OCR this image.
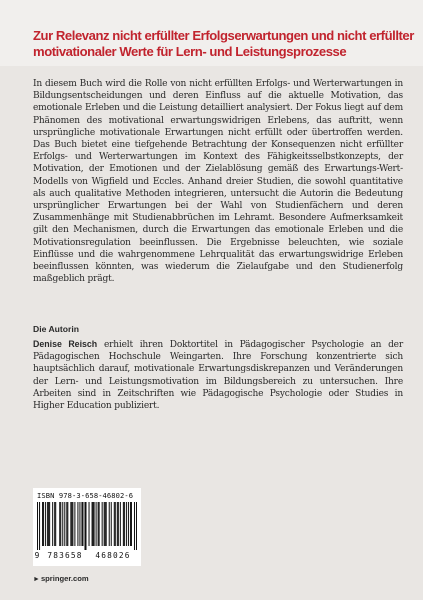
Zur Relevanz nicht erfüllter Erfolgserwartungen und nicht erfüllter motivationaler Werte für Lern- und Leistungsprozesse

In diesem Buch wird die Rolle von nicht erfüllten Erfolgs- und Werterwartungen in Bildungsentscheidungen und deren Einfluss auf die aktuelle Motivation, das emotionale Erleben und die Leistung detailliert analysiert. Der Fokus liegt auf dem Phänomen des motivational erwartungswidrigen Erlebens, das auftritt, wenn ursprüngliche motivationale Erwartungen nicht erfüllt oder übertroffen werden. Das Buch bietet eine tiefgehende Betrachtung der Konsequenzen nicht erfüllter Erfolgs- und Werterwartungen im Kontext des Fähigkeitsselbstkonzepts, der Motivation, der Emotionen und der Zielablösung gemäß des Erwartungs-Wert-Modells von Wigfield und Eccles. Anhand dreier Studien, die sowohl quantitative als auch qualitative Methoden integrieren, untersucht die Autorin die Bedeutung ursprünglicher Erwartungen bei der Wahl von Studienfächern und deren Zusammenhänge mit Studienabbrüchen im Lehramt. Besondere Aufmerksamkeit gilt den Mechanismen, durch die Erwartungen das emotionale Erleben und die Motivationsregulation beeinflussen. Die Ergebnisse beleuchten, wie soziale Einflüsse und die wahrgenommene Lehrqualität das erwartungswidrige Erleben beeinflussen könnten, was wiederum die Zielaufgabe und den Studienerfolg maßgeblich prägt.

Die Autorin
Denise Reisch erhielt ihren Doktortitel in Pädagogischer Psychologie an der Pädagogischen Hochschule Weingarten. Ihre Forschung konzentrierte sich hauptsächlich darauf, motivationale Erwartungsdiskrepanzen und Veränderungen der Lern- und Leistungsmotivation im Bildungsbereich zu untersuchen. Ihre Arbeiten sind in Zeitschriften wie Pädagogische Psychologie oder Studies in Higher Education publiziert.
ISBN 978-3-658-46802-6
9	783658	468026
►springer.com
